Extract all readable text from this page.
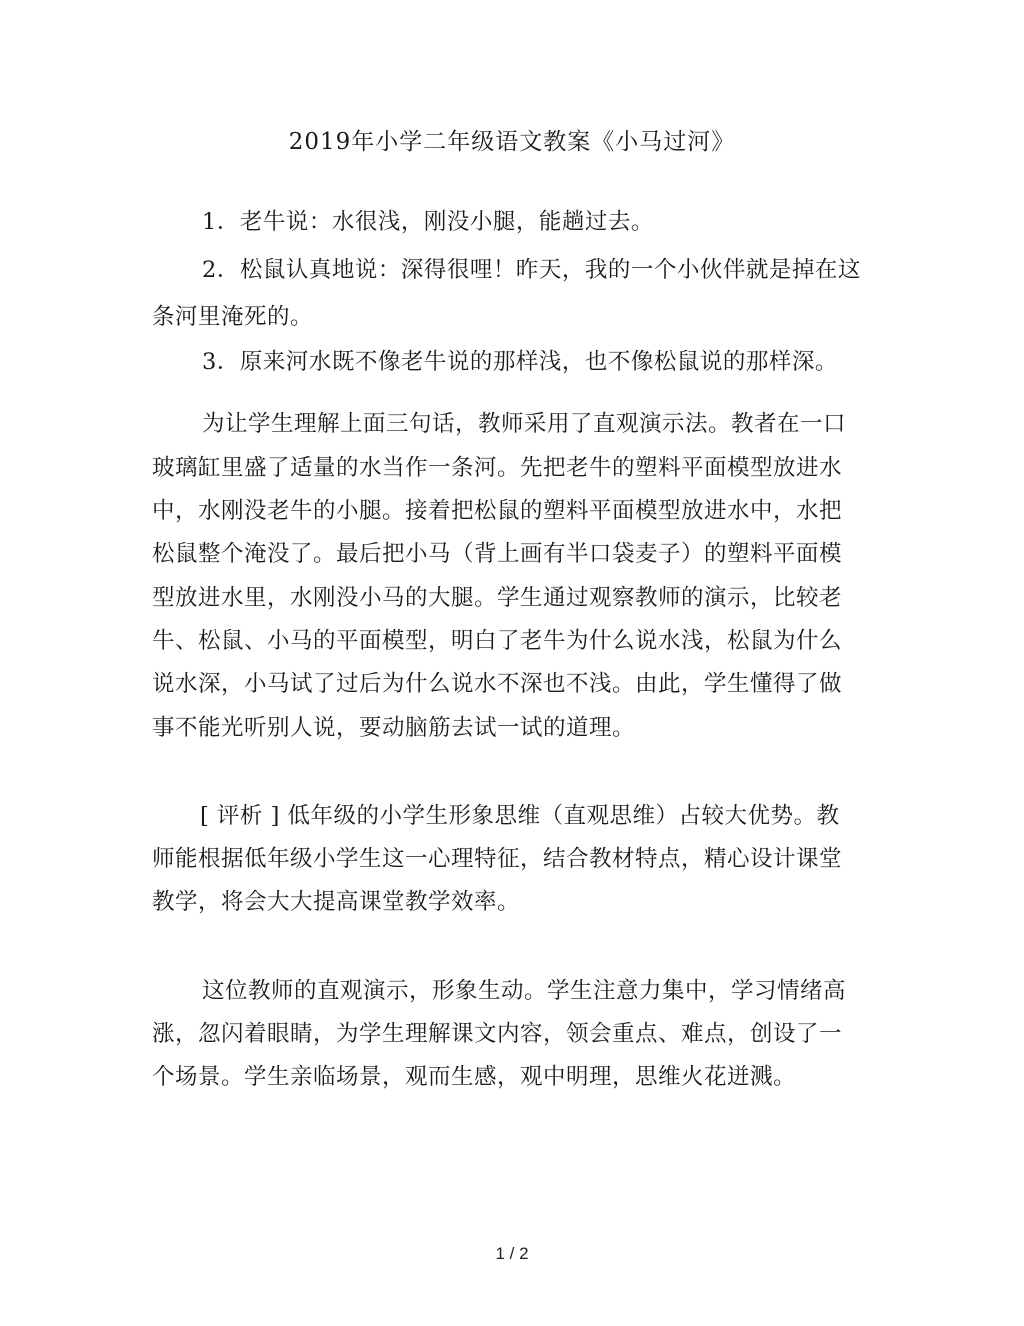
2019年小学二年级语文教案《小马过河》
1．老牛说：水很浅，刚没小腿，能趟过去。
2．松鼠认真地说：深得很哩！昨天，我的一个小伙伴就是掉在这
条河里淹死的。
3．原来河水既不像老牛说的那样浅，也不像松鼠说的那样深。
为让学生理解上面三句话，教师采用了直观演示法。教者在一口
玻璃缸里盛了适量的水当作一条河。先把老牛的塑料平面模型放进水
中，水刚没老牛的小腿。接着把松鼠的塑料平面模型放进水中，水把
松鼠整个淹没了。最后把小马（背上画有半口袋麦子）的塑料平面模
型放进水里，水刚没小马的大腿。学生通过观察教师的演示，比较老
牛、松鼠、小马的平面模型，明白了老牛为什么说水浅，松鼠为什么
说水深，小马试了过后为什么说水不深也不浅。由此，学生懂得了做
事不能光听别人说，要动脑筋去试一试的道理。
[ 评析 ] 低年级的小学生形象思维（直观思维）占较大优势。教
师能根据低年级小学生这一心理特征，结合教材特点，精心设计课堂
教学，将会大大提高课堂教学效率。
这位教师的直观演示，形象生动。学生注意力集中，学习情绪高
涨，忽闪着眼睛，为学生理解课文内容，领会重点、难点，创设了一
个场景。学生亲临场景，观而生感，观中明理，思维火花迸溅。
1 / 2
